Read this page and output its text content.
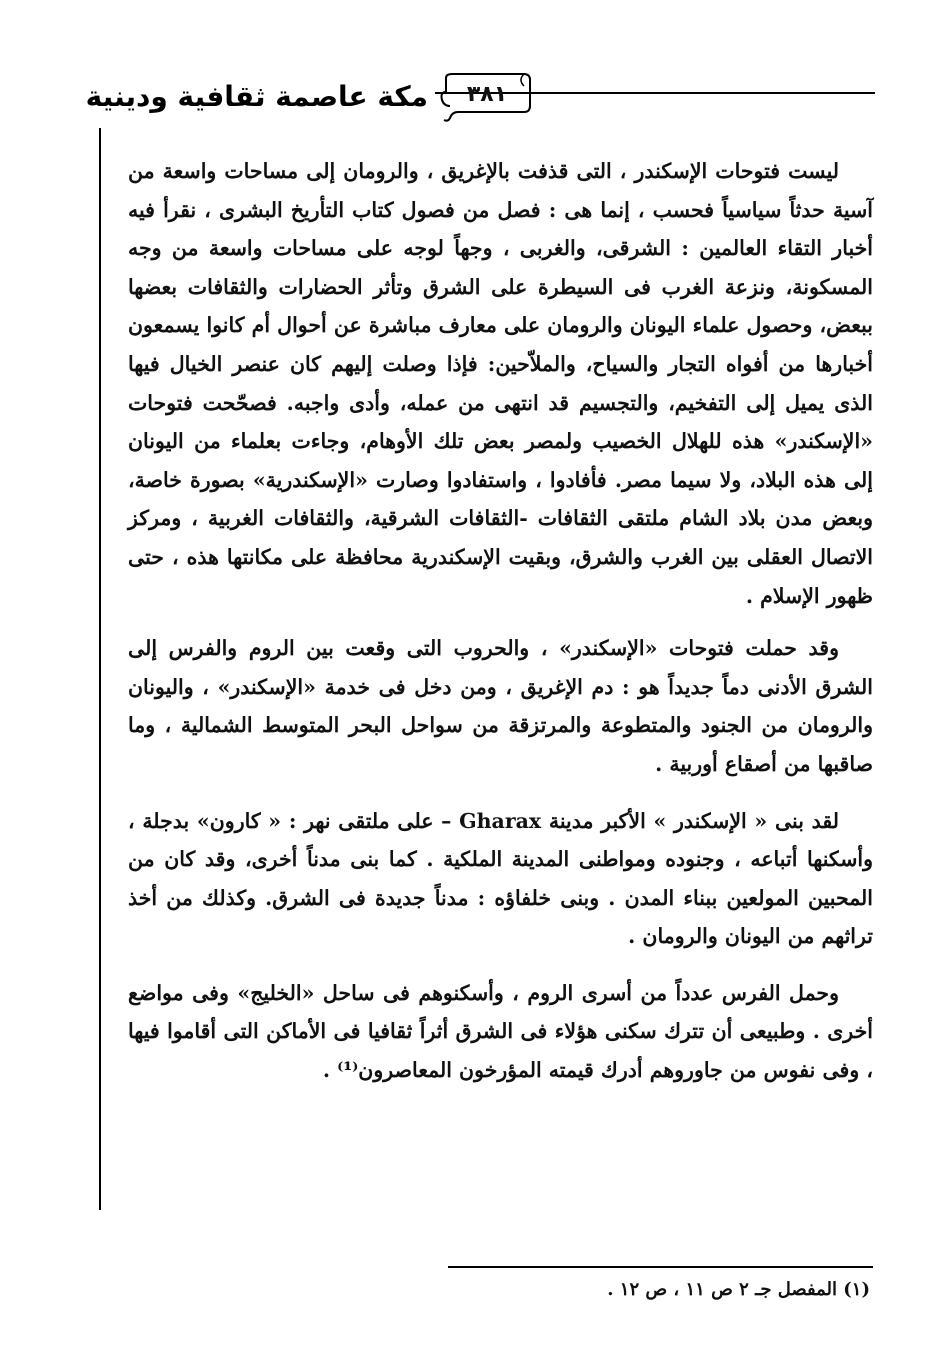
مكة عاصمة ثقافية ودينية	٣٨١

ليست فتوحات الإسكندر ، التى قذفت بالإغريق ، والرومان إلى مساحات واسعة من آسية حدثاً سياسياً فحسب ، إنما هى : فصل من فصول كتاب التأريخ البشرى ، نقرأ فيه أخبار التقاء العالمين : الشرقى، والغربى ، وجهاً لوجه على مساحات واسعة من وجه المسكونة، ونزعة الغرب فى السيطرة على الشرق وتأثر الحضارات والثقافات بعضها ببعض، وحصول علماء اليونان والرومان على معارف مباشرة عن أحوال أم كانوا يسمعون أخبارها من أفواه التجار والسياح، والملاّحين: فإذا وصلت إليهم كان عنصر الخيال فيها الذى يميل إلى التفخيم، والتجسيم قد انتهى من عمله، وأدى واجبه. فصحّحت فتوحات «الإسكندر» هذه للهلال الخصيب ولمصر بعض تلك الأوهام، وجاءت بعلماء من اليونان إلى هذه البلاد، ولا سيما مصر. فأفادوا ، واستفادوا وصارت «الإسكندرية» بصورة خاصة، وبعض مدن بلاد الشام ملتقى الثقافات -الثقافات الشرقية، والثقافات الغربية ، ومركز الاتصال العقلى بين الغرب والشرق، وبقيت الإسكندرية محافظة على مكانتها هذه ، حتى ظهور الإسلام .

وقد حملت فتوحات «الإسكندر» ، والحروب التى وقعت بين الروم والفرس إلى الشرق الأدنى دماً جديداً هو : دم الإغريق ، ومن دخل فى خدمة «الإسكندر» ، واليونان والرومان من الجنود والمتطوعة والمرتزقة من سواحل البحر المتوسط الشمالية ، وما صاقبها من أصقاع أوربية .

لقد بنى « الإسكندر » الأكبر مدينة Gharax – على ملتقى نهر : « كارون» بدجلة ، وأسكنها أتباعه ، وجنوده ومواطنى المدينة الملكية . كما بنى مدناً أخرى، وقد كان من المحبين المولعين ببناء المدن . وبنى خلفاؤه : مدناً جديدة فى الشرق. وكذلك من أخذ تراثهم من اليونان والرومان .

وحمل الفرس عدداً من أسرى الروم ، وأسكنوهم فى ساحل «الخليج» وفى مواضع أخرى . وطبيعى أن تترك سكنى هؤلاء فى الشرق أثراً ثقافيا فى الأماكن التى أقاموا فيها ، وفى نفوس من جاوروهم أدرك قيمته المؤرخون المعاصرون⁽¹⁾ .

(١) المفصل جـ ٢ ص ١١ ، ص ١٢ .
